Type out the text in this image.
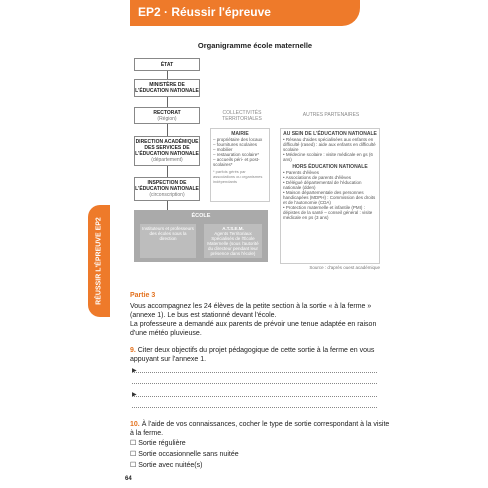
EP2 · Réussir l'épreuve
RÉUSSIR L'ÉPREUVE EP2
Organigramme école maternelle
ÉTAT
MINISTÈRE DE L'ÉDUCATION NATIONALE
RECTORAT
(Région)
DIRECTION ACADÉMIQUE DES SERVICES DE L'ÉDUCATION NATIONALE
(département)
INSPECTION DE L'ÉDUCATION NATIONALE
(circonscription)
COLLECTIVITÉS TERRITORIALES
MAIRIE
– propriétaire des locaux
– fournitures scolaires
– mobilier
– restauration scolaire*
– accueils péri- et post-scolaires*
* parfois gérés par associations ou organismes indépendants
AUTRES PARTENAIRES
AU SEIN DE L'ÉDUCATION NATIONALE
• Réseau d'aides spécialisées aux enfants en difficulté (rased) : aide aux enfants en difficulté scolaire
• Médecine scolaire : visite médicale en gs (6 ans)
HORS ÉDUCATION NATIONALE
• Parents d'élèves
• Associations de parents d'élèves
• Délégué départemental de l'éducation nationale (dden)
• Maison départementale des personnes handicapées (MDPH) : Commission des droits et de l'autonomie (CDA)
• Protection maternelle et infantile (PMI) : dépistes de la santé – conseil général : visite médicale en ps (3 ans)
ÉCOLE
Instituteurs et professeurs des écoles sous la direction
A.T.S.E.M.
Agents Territoriaux Spécialisés de l'École Maternelle (sous l'autorité du directeur pendant leur présence dans l'école)
Source : d'après ouest académique
Partie 3
Vous accompagnez les 24 élèves de la petite section à la sortie « à la ferme » (annexe 1). Le bus est stationné devant l'école.
La professeure a demandé aux parents de prévoir une tenue adaptée en raison d'une météo pluvieuse.
9. Citer deux objectifs du projet pédagogique de cette sortie à la ferme en vous appuyant sur l'annexe 1.
▶
▶
10. À l'aide de vos connaissances, cocher le type de sortie correspondant à la visite à la ferme.
☐ Sortie régulière
☐ Sortie occasionnelle sans nuitée
☐ Sortie avec nuitée(s)
64
